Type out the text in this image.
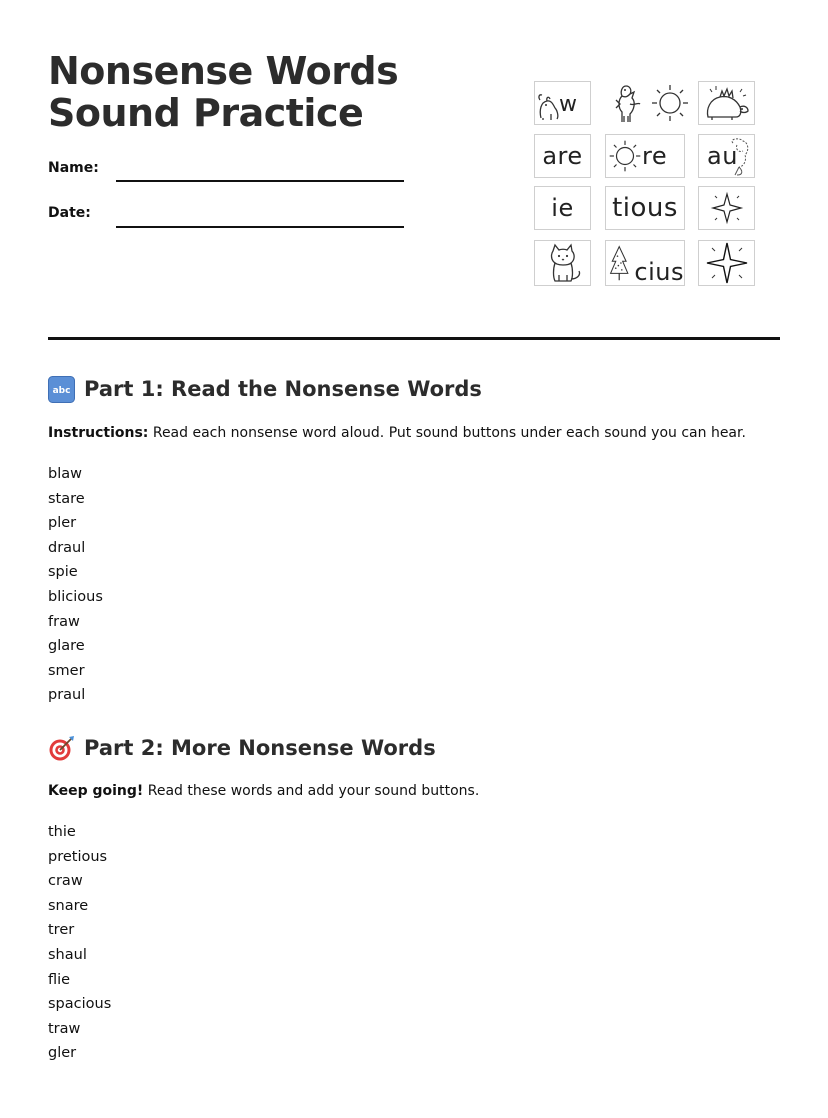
Nonsense Words Sound Practice
Name:
Date:
w
are re au
ie tious
cius
abc Part 1: Read the Nonsense Words

Instructions: Read each nonsense word aloud. Put sound buttons under each sound you can hear.

blaw
stare
pler
draul
spie
blicious
fraw
glare
smer
praul
Part 2: More Nonsense Words

Keep going! Read these words and add your sound buttons.

thie
pretious
craw
snare
trer
shaul
flie
spacious
traw
gler
